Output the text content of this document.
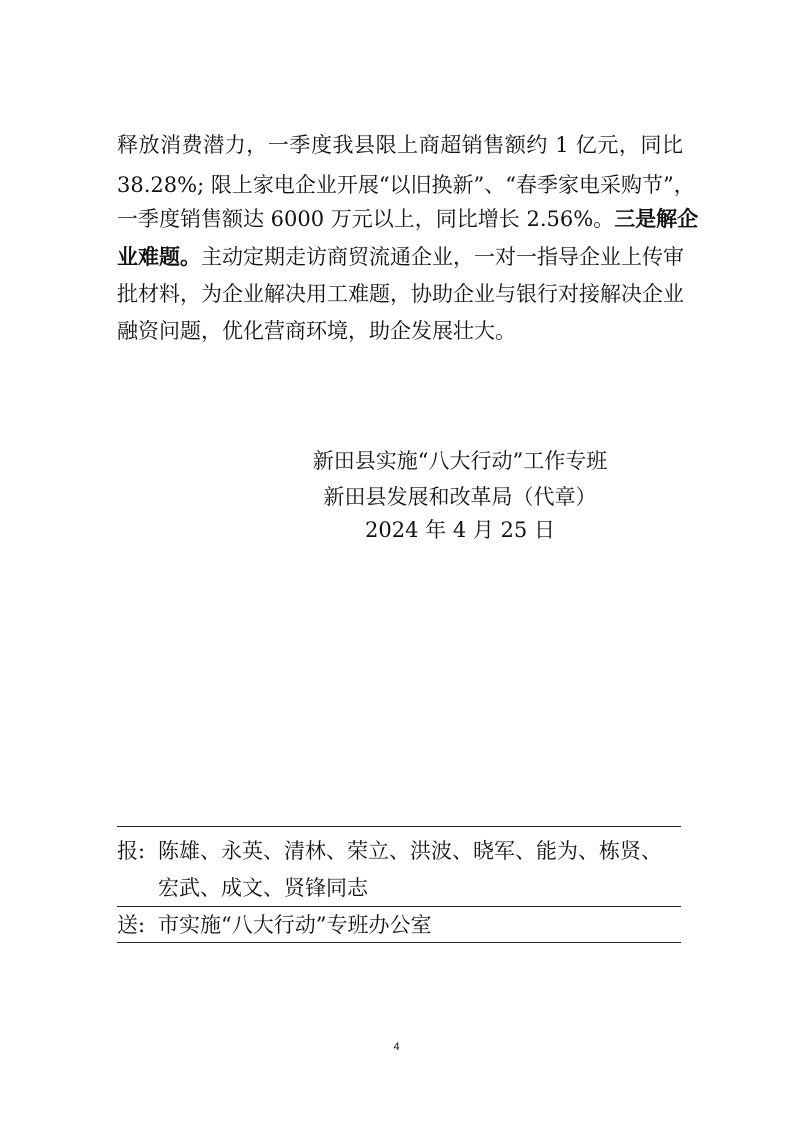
释放消费潜力，一季度我县限上商超销售额约 1 亿元，同比
38.28%; 限上家电企业开展“以旧换新”、“春季家电采购节”，
一季度销售额达 6000 万元以上，同比增长 2.56%。三是解企
业难题。主动定期走访商贸流通企业，一对一指导企业上传审
批材料，为企业解决用工难题，协助企业与银行对接解决企业
融资问题，优化营商环境，助企发展壮大。
新田县实施“八大行动”工作专班
新田县发展和改革局（代章）
2024 年 4 月 25 日
报: 陈雄、永英、清林、荣立、洪波、晓军、能为、栋贤、
宏武、成文、贤锋同志
送: 市实施“八大行动”专班办公室
4
